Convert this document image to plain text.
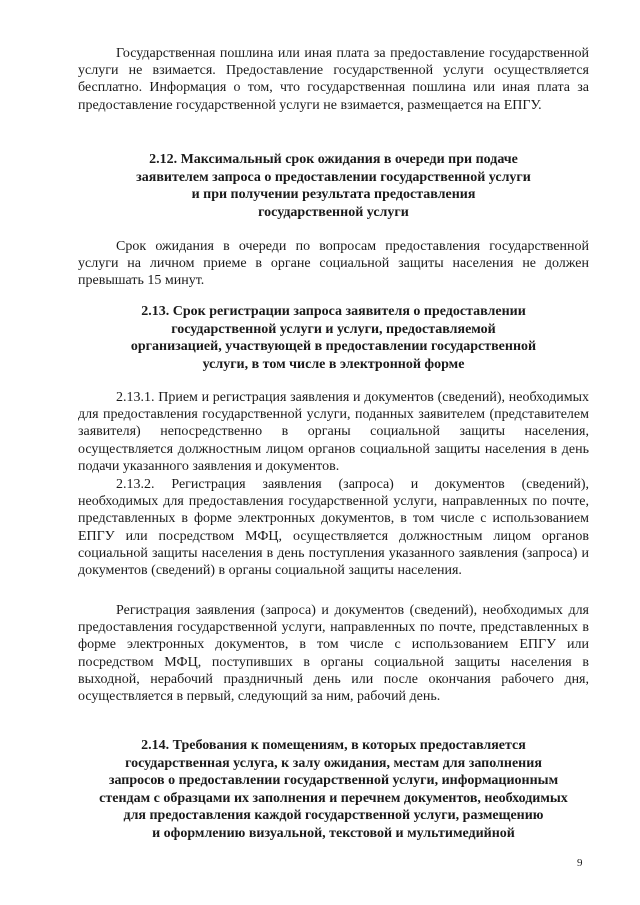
Государственная пошлина или иная плата за предоставление государственной услуги не взимается. Предоставление государственной услуги осуществляется бесплатно. Информация о том, что государственная пошлина или иная плата за предоставление государственной услуги не взимается, размещается на ЕПГУ.

2.12. Максимальный срок ожидания в очереди при подаче
заявителем запроса о предоставлении государственной услуги
и при получении результата предоставления
государственной услуги

Срок ожидания в очереди по вопросам предоставления государственной услуги на личном приеме в органе социальной защиты населения не должен превышать 15 минут.

2.13. Срок регистрации запроса заявителя о предоставлении
государственной услуги и услуги, предоставляемой
организацией, участвующей в предоставлении государственной
услуги, в том числе в электронной форме

2.13.1. Прием и регистрация заявления и документов (сведений), необходимых для предоставления государственной услуги, поданных заявителем (представителем заявителя) непосредственно в органы социальной защиты населения, осуществляется должностным лицом органов социальной защиты населения в день подачи указанного заявления и документов.

2.13.2. Регистрация заявления (запроса) и документов (сведений), необходимых для предоставления государственной услуги, направленных по почте, представленных в форме электронных документов, в том числе с использованием ЕПГУ или посредством МФЦ, осуществляется должностным лицом органов социальной защиты населения в день поступления указанного заявления (запроса) и документов (сведений) в органы социальной защиты населения.

Регистрация заявления (запроса) и документов (сведений), необходимых для предоставления государственной услуги, направленных по почте, представленных в форме электронных документов, в том числе с использованием ЕПГУ или посредством МФЦ, поступивших в органы социальной защиты населения в выходной, нерабочий праздничный день или после окончания рабочего дня, осуществляется в первый, следующий за ним, рабочий день.

2.14. Требования к помещениям, в которых предоставляется
государственная услуга, к залу ожидания, местам для заполнения
запросов о предоставлении государственной услуги, информационным
стендам с образцами их заполнения и перечнем документов, необходимых
для предоставления каждой государственной услуги, размещению
и оформлению визуальной, текстовой и мультимедийной
9
